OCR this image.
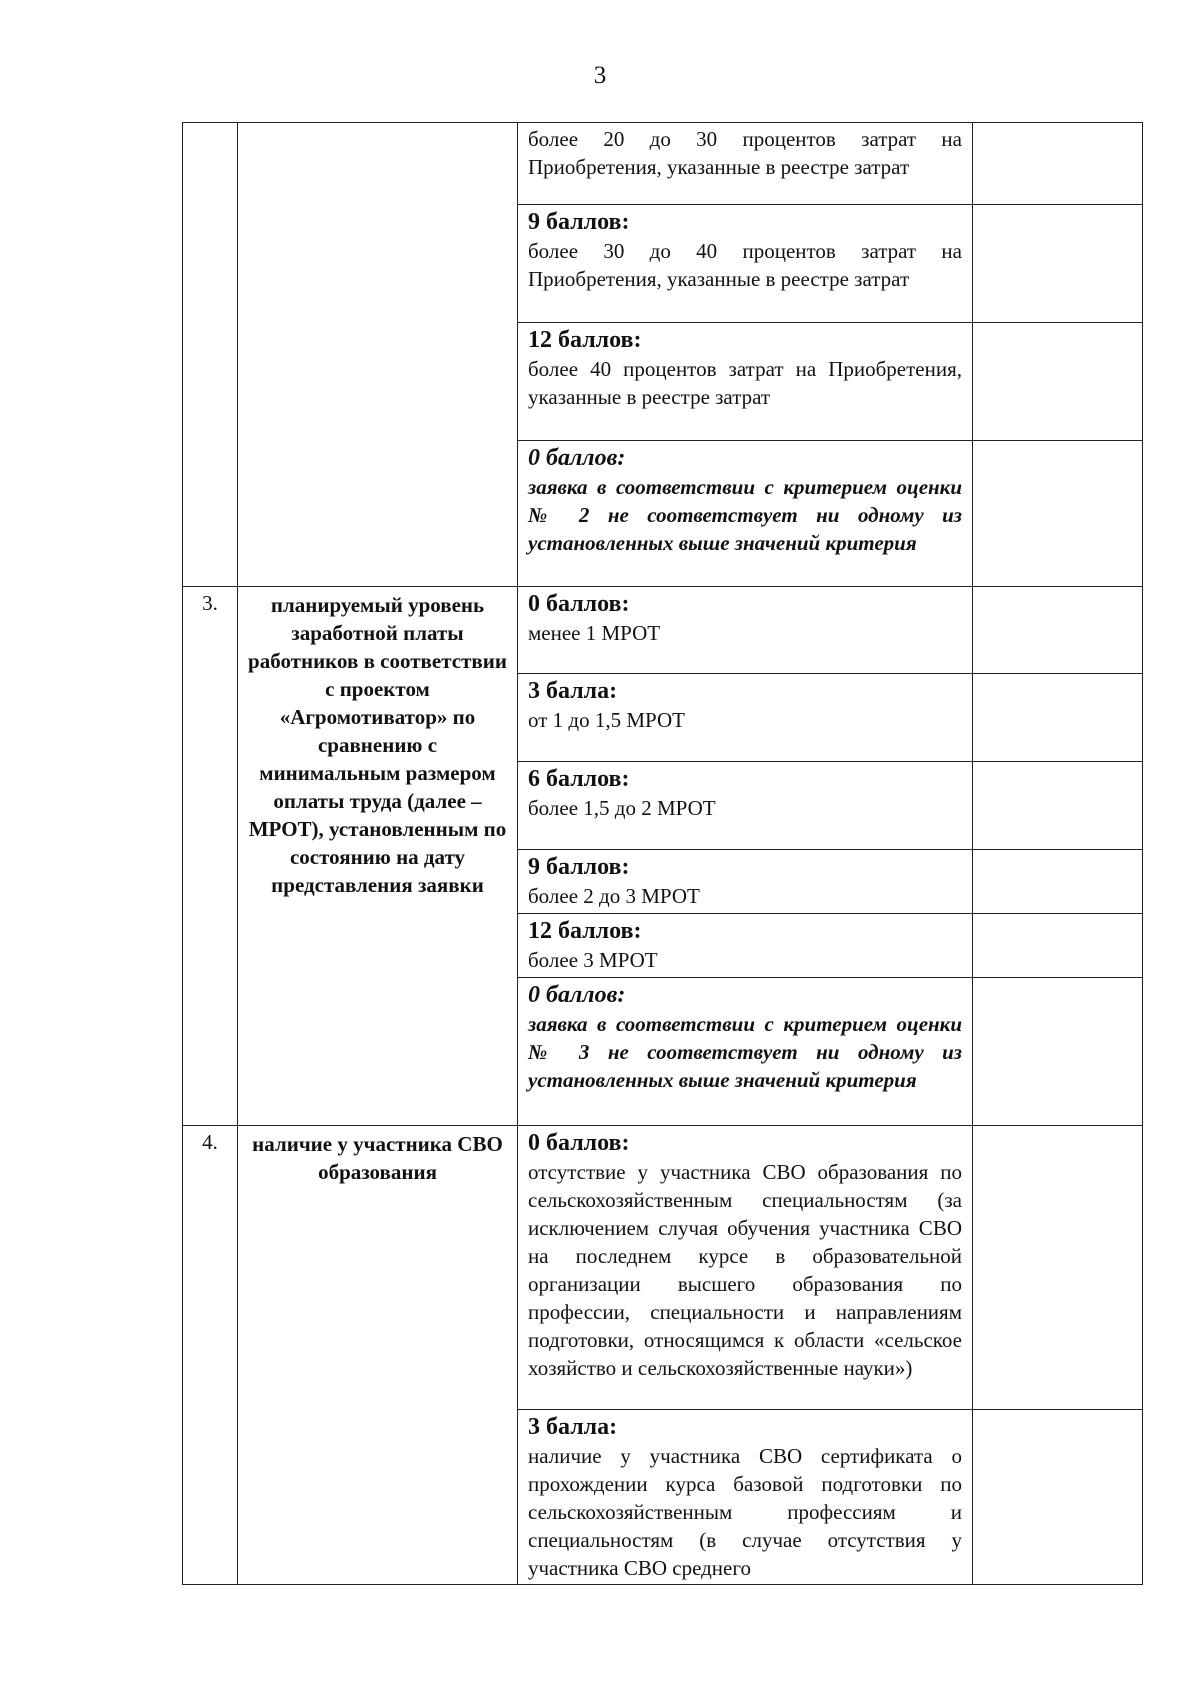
3

		более 20 до 30 процентов затрат на Приобретения, указанные в реестре затрат	

		9 баллов:
более 30 до 40 процентов затрат на Приобретения, указанные в реестре затрат	

		12 баллов:
более 40 процентов затрат на Приобретения, указанные в реестре затрат	

		0 баллов:
заявка в соответствии с критерием оценки № 2 не соответствует ни одному из установленных выше значений критерия	

3.	планируемый уровень заработной платы работников в соответствии с проектом «Агромотиватор» по сравнению с минимальным размером оплаты труда (далее – МРОТ), установленным по состоянию на дату представления заявки	0 баллов:
менее 1 МРОТ	

		3 балла:
от 1 до 1,5 МРОТ	

		6 баллов:
более 1,5 до 2 МРОТ	

		9 баллов:
более 2 до 3 МРОТ	

		12 баллов:
более 3 МРОТ	

		0 баллов:
заявка в соответствии с критерием оценки № 3 не соответствует ни одному из установленных выше значений критерия	

4.	наличие у участника СВО образования	0 баллов:
отсутствие у участника СВО образования по сельскохозяйственным специальностям (за исключением случая обучения участника СВО на последнем курсе в образовательной организации высшего образования по профессии, специальности и направлениям подготовки, относящимся к области «сельское хозяйство и сельскохозяйственные науки»)	

		3 балла:
наличие у участника СВО сертификата о прохождении курса базовой подготовки по сельскохозяйственным профессиям и специальностям (в случае отсутствия у участника СВО среднего	
